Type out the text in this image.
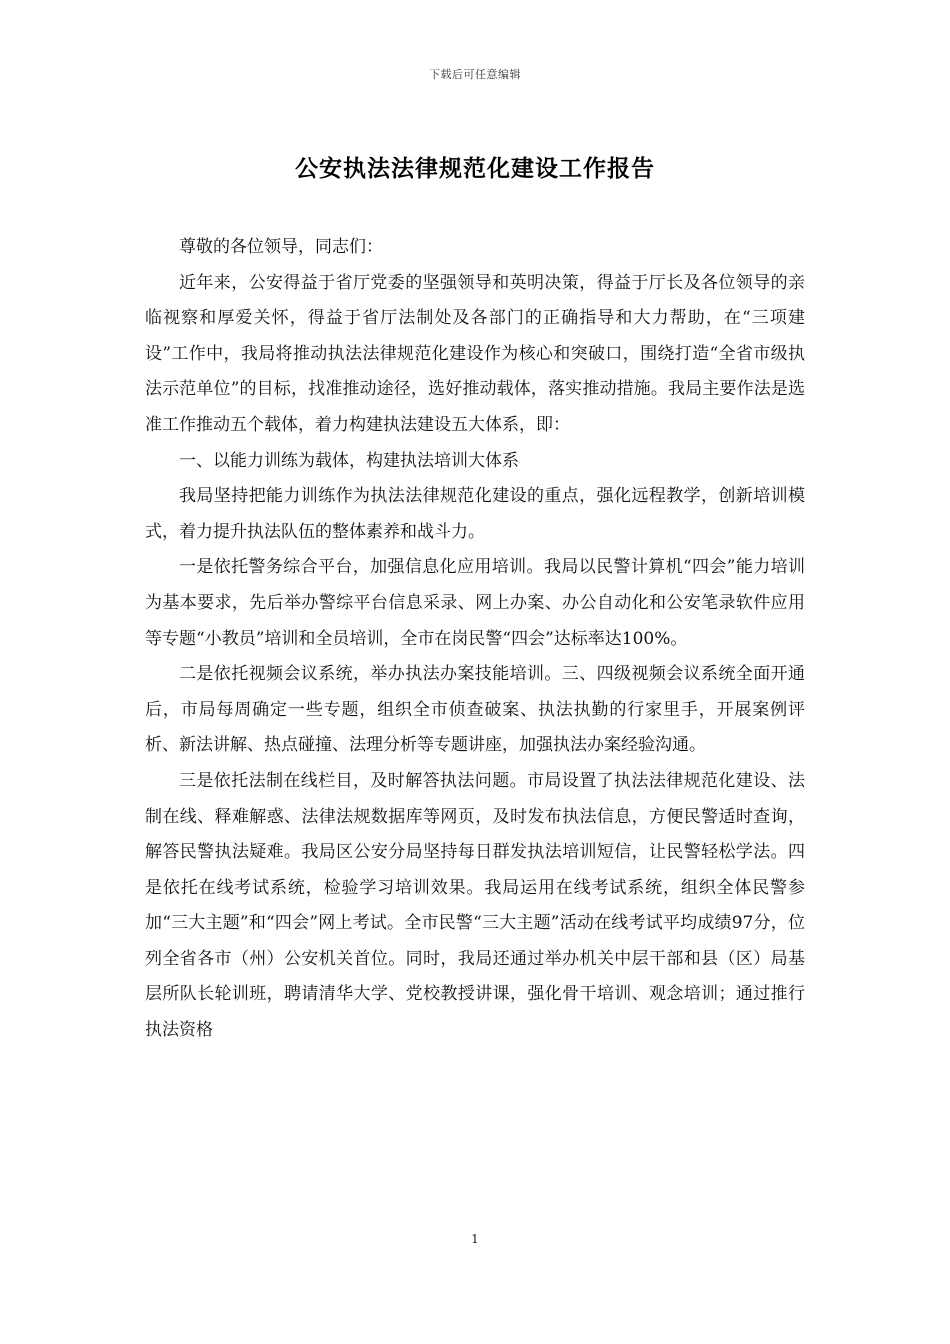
下载后可任意编辑
公安执法法律规范化建设工作报告

尊敬的各位领导，同志们：

近年来，公安得益于省厅党委的坚强领导和英明决策，得益于厅长及各位领导的亲临视察和厚爱关怀，得益于省厅法制处及各部门的正确指导和大力帮助，在“三项建设”工作中，我局将推动执法法律规范化建设作为核心和突破口，围绕打造“全省市级执法示范单位”的目标，找准推动途径，选好推动载体，落实推动措施。我局主要作法是选准工作推动五个载体，着力构建执法建设五大体系，即：

一、以能力训练为载体，构建执法培训大体系

我局坚持把能力训练作为执法法律规范化建设的重点，强化远程教学，创新培训模式，着力提升执法队伍的整体素养和战斗力。

一是依托警务综合平台，加强信息化应用培训。我局以民警计算机“四会”能力培训为基本要求，先后举办警综平台信息采录、网上办案、办公自动化和公安笔录软件应用等专题“小教员”培训和全员培训，全市在岗民警“四会”达标率达100%。

二是依托视频会议系统，举办执法办案技能培训。三、四级视频会议系统全面开通后，市局每周确定一些专题，组织全市侦查破案、执法执勤的行家里手，开展案例评析、新法讲解、热点碰撞、法理分析等专题讲座，加强执法办案经验沟通。

三是依托法制在线栏目，及时解答执法问题。市局设置了执法法律规范化建设、法制在线、释难解惑、法律法规数据库等网页，及时发布执法信息，方便民警适时查询，解答民警执法疑难。我局区公安分局坚持每日群发执法培训短信，让民警轻松学法。四是依托在线考试系统，检验学习培训效果。我局运用在线考试系统，组织全体民警参加“三大主题”和“四会”网上考试。全市民警“三大主题”活动在线考试平均成绩97分，位列全省各市（州）公安机关首位。同时，我局还通过举办机关中层干部和县（区）局基层所队长轮训班，聘请清华大学、党校教授讲课，强化骨干培训、观念培训；通过推行执法资格

1
